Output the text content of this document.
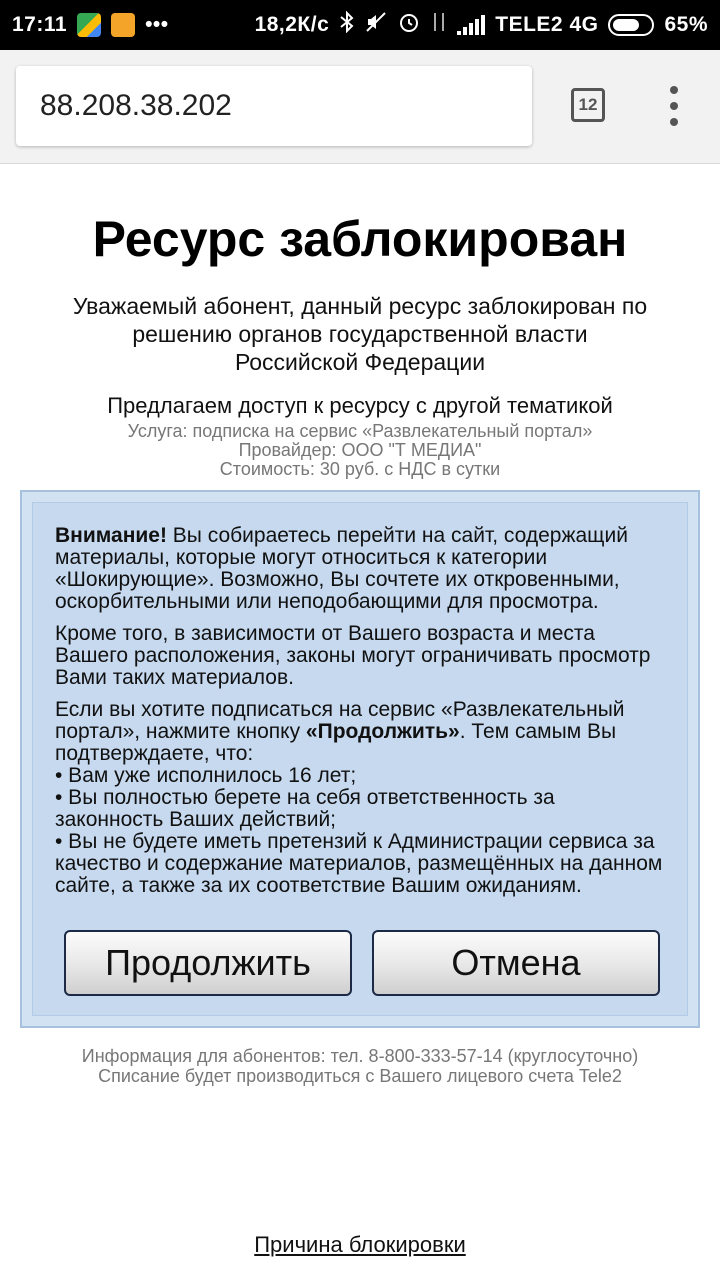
17:11	•••	18,2К/с	TELE2 4G	65%
88.208.38.202	12
Ресурс заблокирован
Уважаемый абонент, данный ресурс заблокирован по
решению органов государственной власти
Российской Федерации
Предлагаем доступ к ресурсу с другой тематикой
Услуга: подписка на сервис «Развлекательный портал»
Провайдер: ООО "Т МЕДИА"
Стоимость: 30 руб. с НДС в сутки

Внимание! Вы собираетесь перейти на сайт, содержащий материалы, которые могут относиться к категории «Шокирующие». Возможно, Вы сочтете их откровенными, оскорбительными или неподобающими для просмотра.

Кроме того, в зависимости от Вашего возраста и места Вашего расположения, законы могут ограничивать просмотр Вами таких материалов.

Если вы хотите подписаться на сервис «Развлекательный портал», нажмите кнопку «Продолжить». Тем самым Вы подтверждаете, что:
• Вам уже исполнилось 16 лет;
• Вы полностью берете на себя ответственность за законность Ваших действий;
• Вы не будете иметь претензий к Администрации сервиса за качество и содержание материалов, размещённых на данном сайте, а также за их соответствие Вашим ожиданиям.

Продолжить	Отмена
Информация для абонентов: тел. 8-800-333-57-14 (круглосуточно)
Списание будет производиться с Вашего лицевого счета Tele2
Причина блокировки
